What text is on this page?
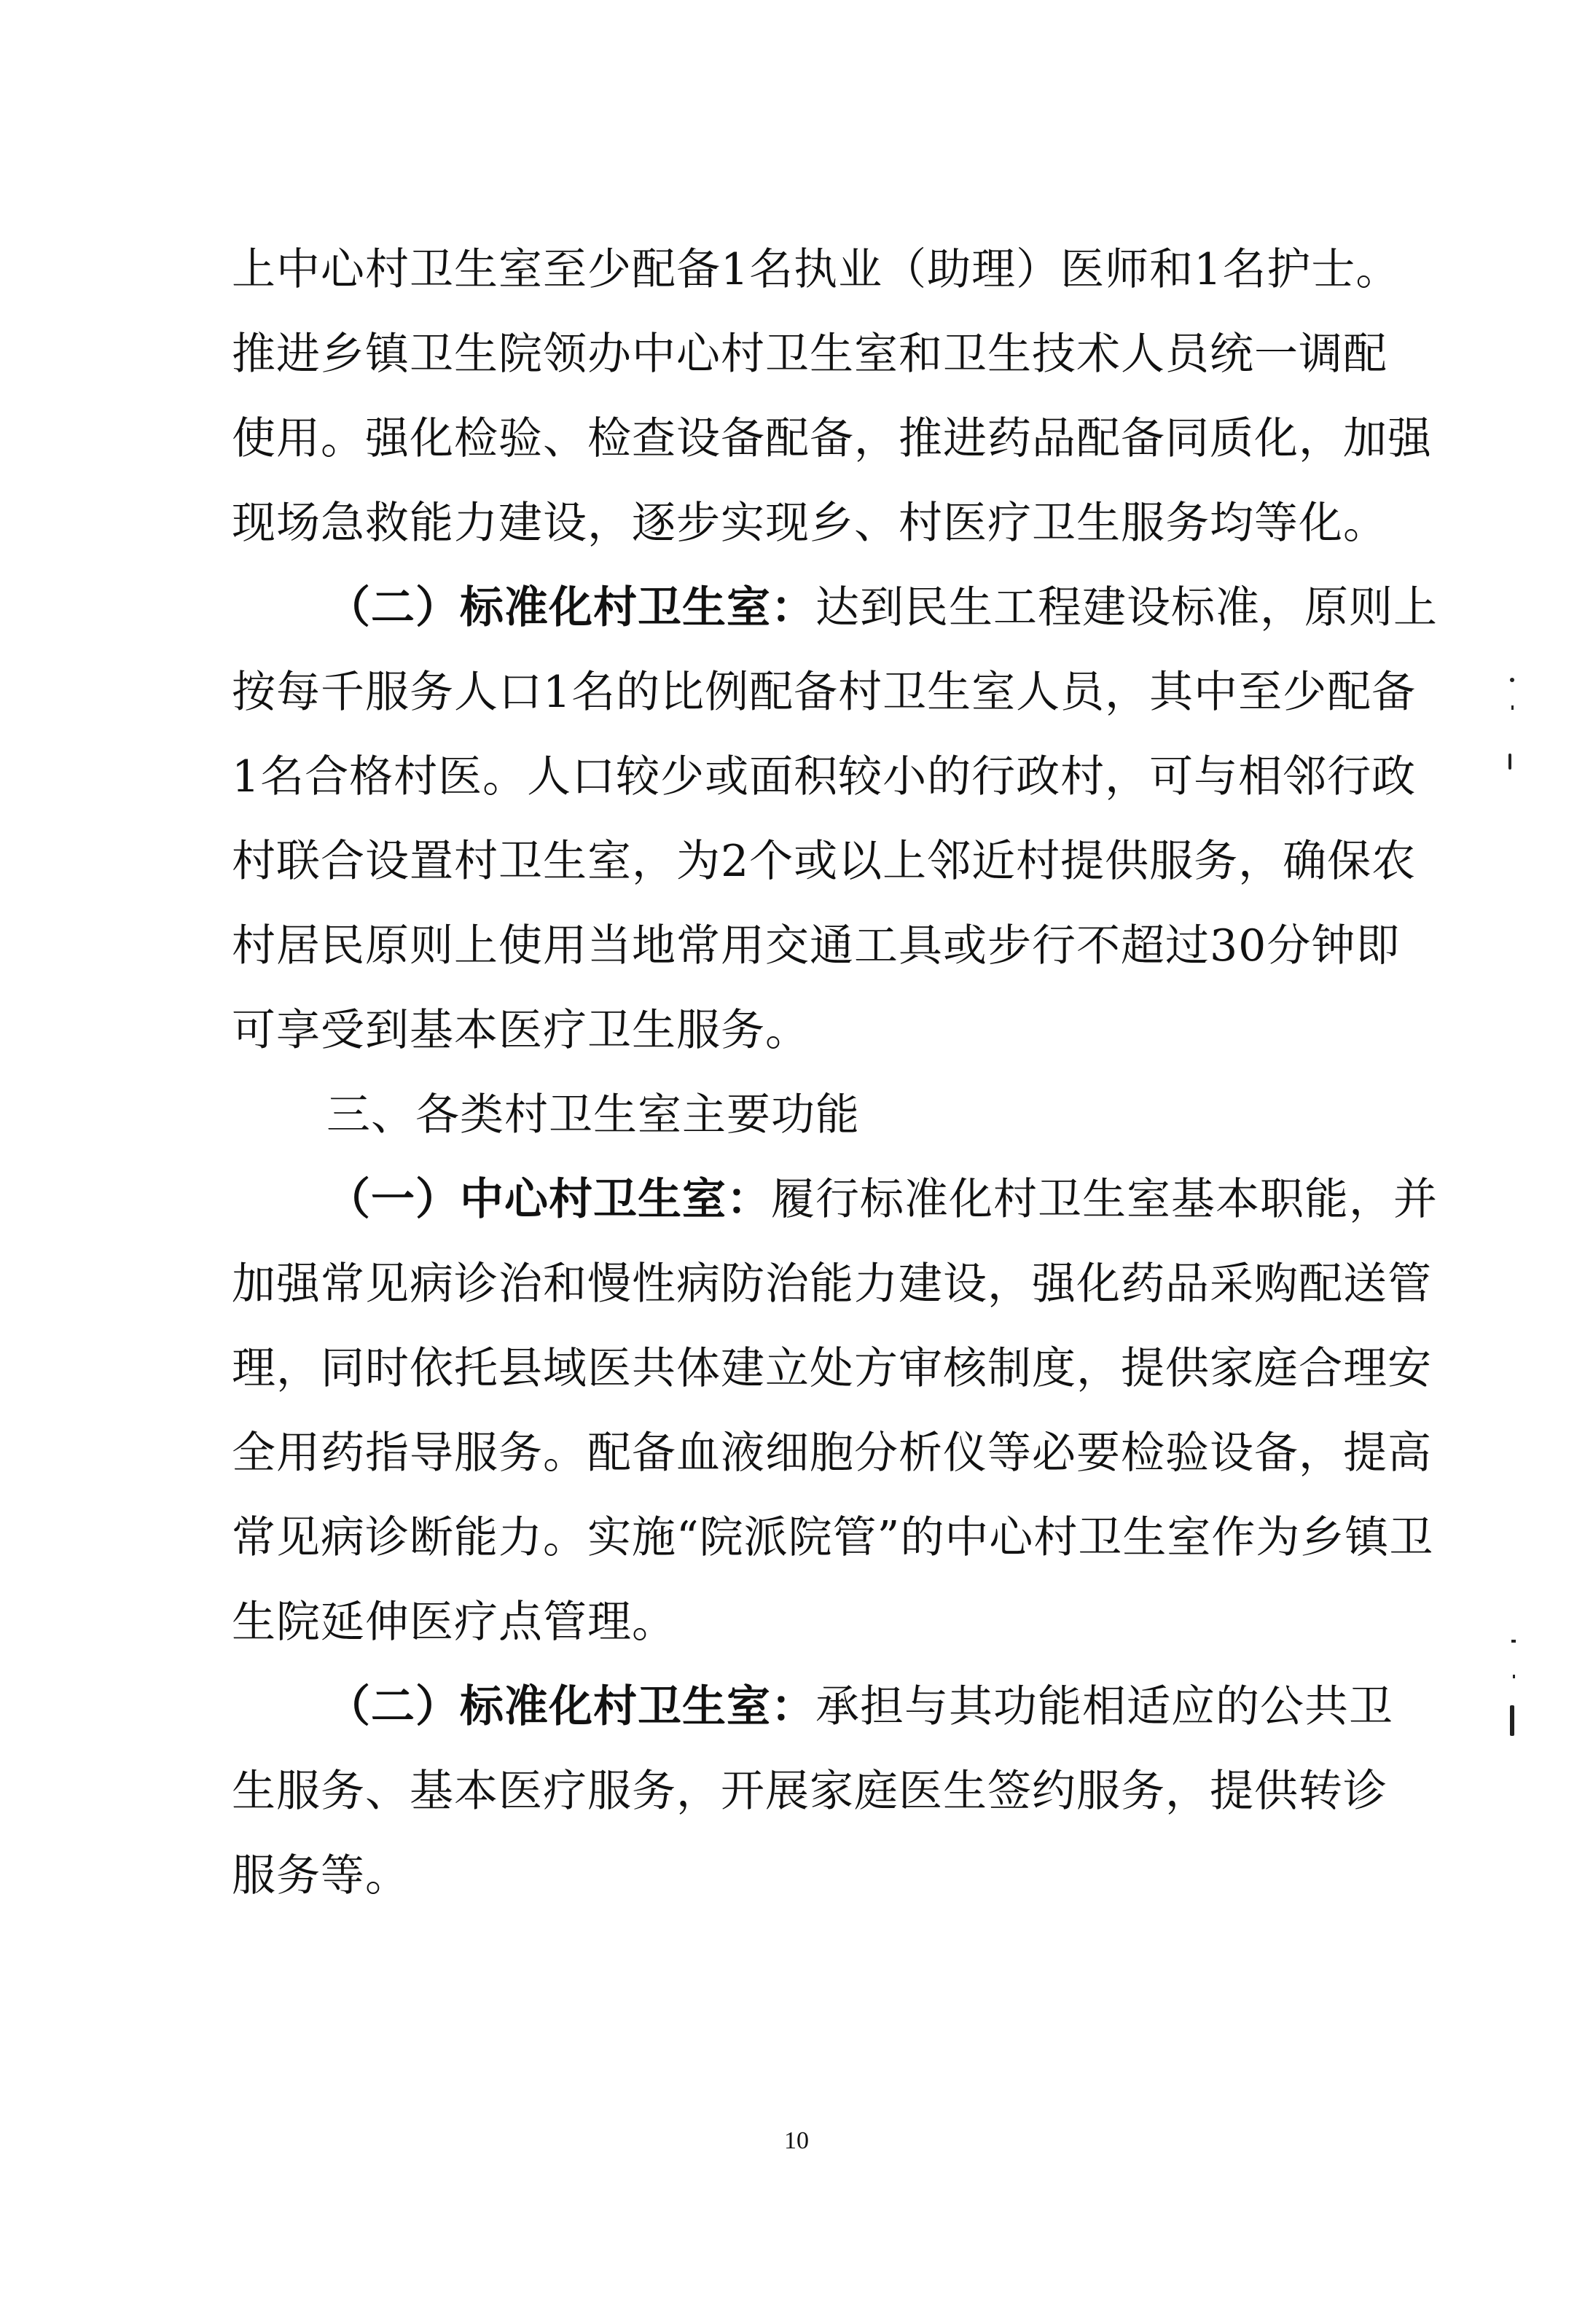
上中心村卫生室至少配备1名执业（助理）医师和1名护士。
推进乡镇卫生院领办中心村卫生室和卫生技术人员统一调配
使用。强化检验、检查设备配备，推进药品配备同质化，加强
现场急救能力建设，逐步实现乡、村医疗卫生服务均等化。
（二）标准化村卫生室：达到民生工程建设标准，原则上
按每千服务人口1名的比例配备村卫生室人员，其中至少配备
1名合格村医。人口较少或面积较小的行政村，可与相邻行政
村联合设置村卫生室，为2个或以上邻近村提供服务，确保农
村居民原则上使用当地常用交通工具或步行不超过30分钟即
可享受到基本医疗卫生服务。
三、各类村卫生室主要功能
（一）中心村卫生室：履行标准化村卫生室基本职能，并
加强常见病诊治和慢性病防治能力建设，强化药品采购配送管
理，同时依托县域医共体建立处方审核制度，提供家庭合理安
全用药指导服务。配备血液细胞分析仪等必要检验设备，提高
常见病诊断能力。实施“院派院管”的中心村卫生室作为乡镇卫
生院延伸医疗点管理。
（二）标准化村卫生室：承担与其功能相适应的公共卫
生服务、基本医疗服务，开展家庭医生签约服务，提供转诊
服务等。
10
